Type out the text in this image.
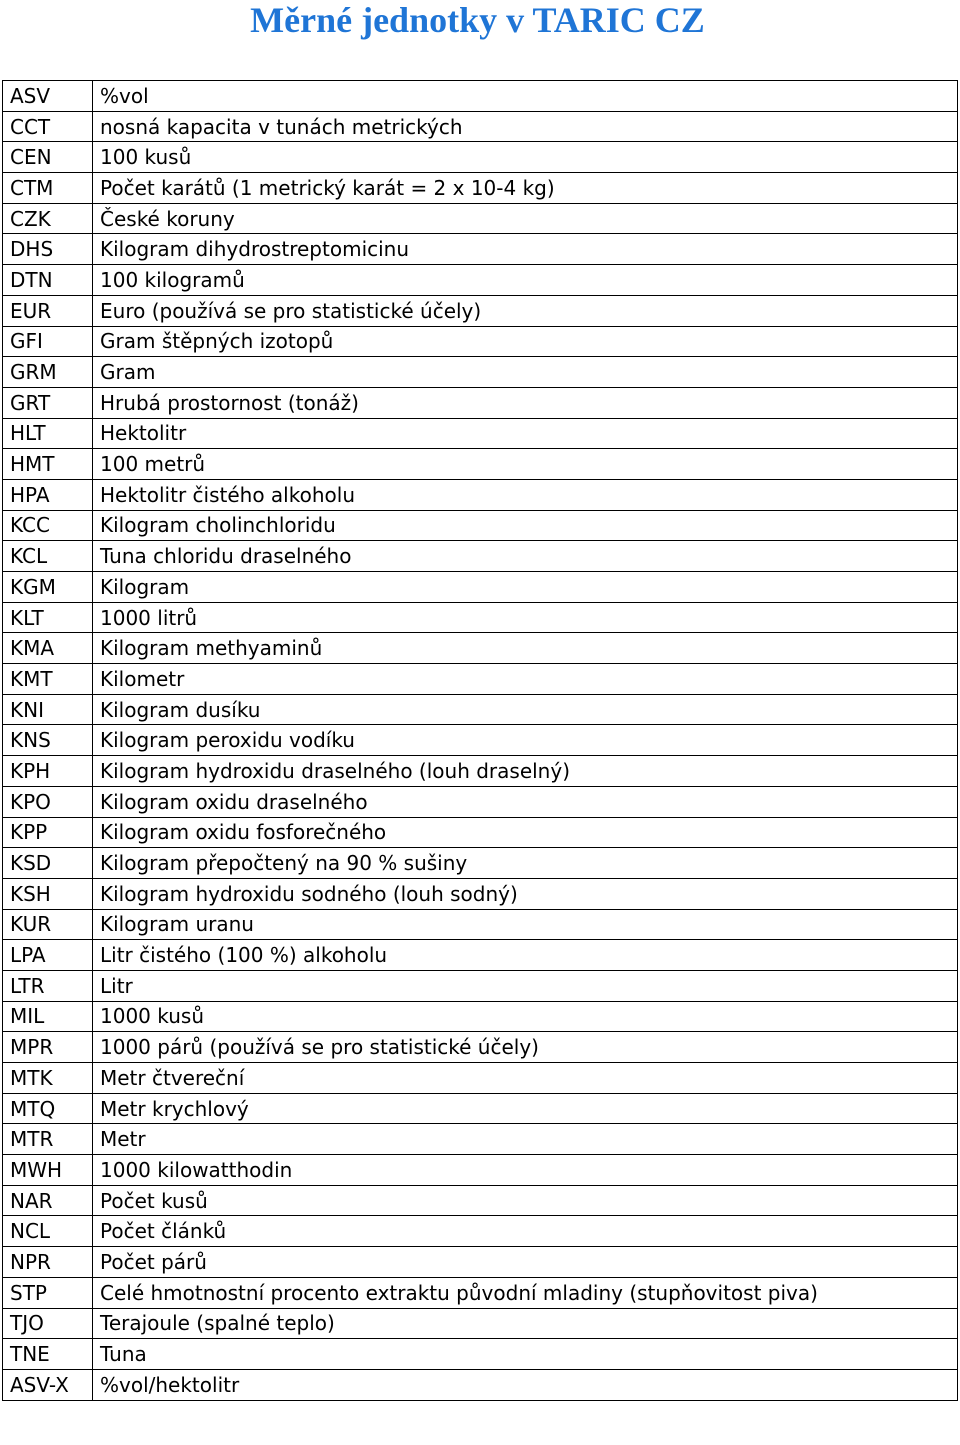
Měrné jednotky v TARIC CZ
ASV	%vol
CCT	nosná kapacita v tunách metrických
CEN	100 kusů
CTM	Počet karátů (1 metrický karát = 2 x 10-4 kg)
CZK	České koruny
DHS	Kilogram dihydrostreptomicinu
DTN	100 kilogramů
EUR	Euro (používá se pro statistické účely)
GFI	Gram štěpných izotopů
GRM	Gram
GRT	Hrubá prostornost (tonáž)
HLT	Hektolitr
HMT	100 metrů
HPA	Hektolitr čistého alkoholu
KCC	Kilogram cholinchloridu
KCL	Tuna chloridu draselného
KGM	Kilogram
KLT	1000 litrů
KMA	Kilogram methyaminů
KMT	Kilometr
KNI	Kilogram dusíku
KNS	Kilogram peroxidu vodíku
KPH	Kilogram hydroxidu draselného (louh draselný)
KPO	Kilogram oxidu draselného
KPP	Kilogram oxidu fosforečného
KSD	Kilogram přepočtený na 90 % sušiny
KSH	Kilogram hydroxidu sodného (louh sodný)
KUR	Kilogram uranu
LPA	Litr čistého (100 %) alkoholu
LTR	Litr
MIL	1000 kusů
MPR	1000 párů (používá se pro statistické účely)
MTK	Metr čtvereční
MTQ	Metr krychlový
MTR	Metr
MWH	1000 kilowatthodin
NAR	Počet kusů
NCL	Počet článků
NPR	Počet párů
STP	Celé hmotnostní procento extraktu původní mladiny (stupňovitost piva)
TJO	Terajoule (spalné teplo)
TNE	Tuna
ASV-X	%vol/hektolitr
